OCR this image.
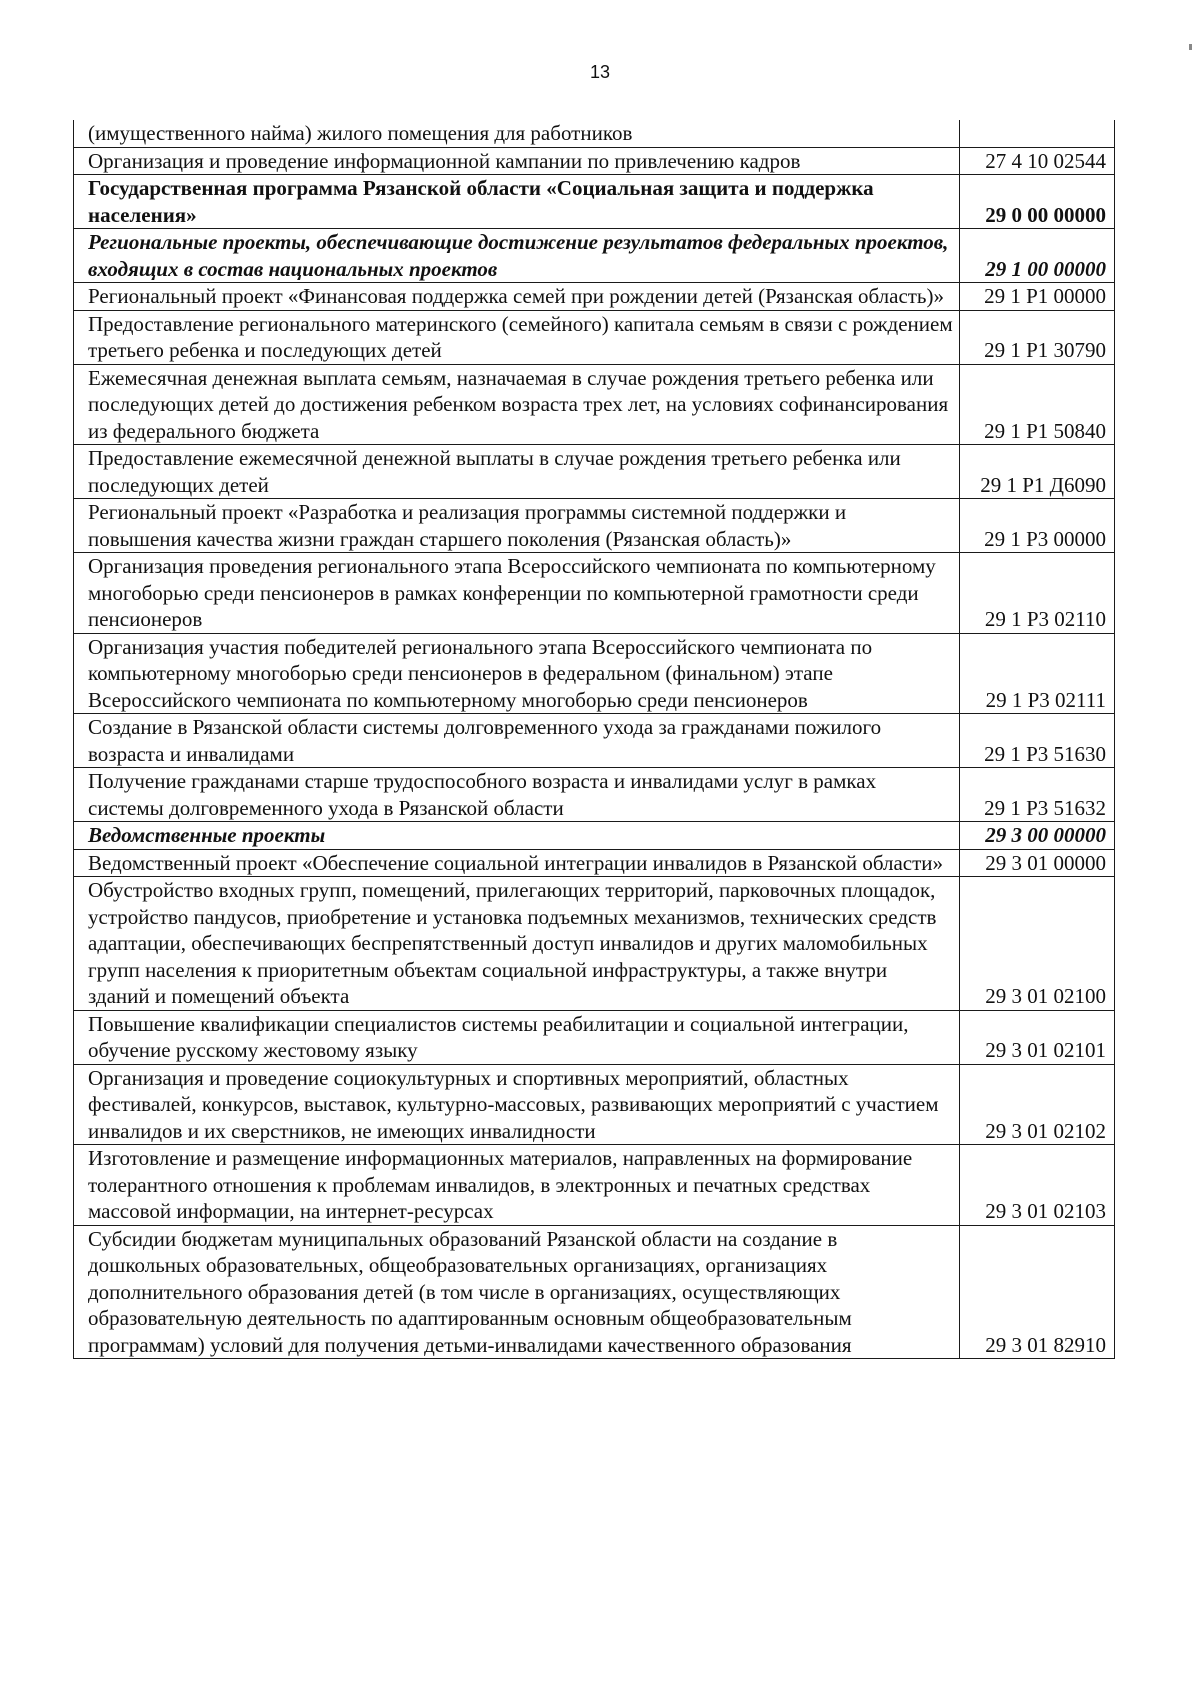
13
(имущественного найма) жилого помещения для работников	
Организация и проведение информационной кампании по привлечению кадров	27 4 10 02544
Государственная программа Рязанской области «Социальная защита и поддержка населения»	29 0 00 00000
Региональные проекты, обеспечивающие достижение результатов федеральных проектов, входящих в состав национальных проектов	29 1 00 00000
Региональный проект «Финансовая поддержка семей при рождении детей (Рязанская область)»	29 1 Р1 00000
Предоставление регионального материнского (семейного) капитала семьям в связи с рождением третьего ребенка и последующих детей	29 1 Р1 30790
Ежемесячная денежная выплата семьям, назначаемая в случае рождения третьего ребенка или последующих детей до достижения ребенком возраста трех лет, на условиях софинансирования из федерального бюджета	29 1 Р1 50840
Предоставление ежемесячной денежной выплаты в случае рождения третьего ребенка или последующих детей	29 1 Р1 Д6090
Региональный проект «Разработка и реализация программы системной поддержки и повышения качества жизни граждан старшего поколения (Рязанская область)»	29 1 Р3 00000
Организация проведения регионального этапа Всероссийского чемпионата по компьютерному многоборью среди пенсионеров в рамках конференции по компьютерной грамотности среди пенсионеров	29 1 Р3 02110
Организация участия победителей регионального этапа Всероссийского чемпионата по компьютерному многоборью среди пенсионеров в федеральном (финальном) этапе Всероссийского чемпионата по компьютерному многоборью среди пенсионеров	29 1 Р3 02111
Создание в Рязанской области системы долговременного ухода за гражданами пожилого возраста и инвалидами	29 1 Р3 51630
Получение гражданами старше трудоспособного возраста и инвалидами услуг в рамках системы долговременного ухода в Рязанской области	29 1 Р3 51632
Ведомственные проекты	29 3 00 00000
Ведомственный проект «Обеспечение социальной интеграции инвалидов в Рязанской области»	29 3 01 00000
Обустройство входных групп, помещений, прилегающих территорий, парковочных площадок, устройство пандусов, приобретение и установка подъемных механизмов, технических средств адаптации, обеспечивающих беспрепятственный доступ инвалидов и других маломобильных групп населения к приоритетным объектам социальной инфраструктуры, а также внутри зданий и помещений объекта	29 3 01 02100
Повышение квалификации специалистов системы реабилитации и социальной интеграции, обучение русскому жестовому языку	29 3 01 02101
Организация и проведение социокультурных и спортивных мероприятий, областных фестивалей, конкурсов, выставок, культурно-массовых, развивающих мероприятий с участием инвалидов и их сверстников, не имеющих инвалидности	29 3 01 02102
Изготовление и размещение информационных материалов, направленных на формирование толерантного отношения к проблемам инвалидов, в электронных и печатных средствах массовой информации, на интернет-ресурсах	29 3 01 02103
Субсидии бюджетам муниципальных образований Рязанской области на создание в дошкольных образовательных, общеобразовательных организациях, организациях дополнительного образования детей (в том числе в организациях, осуществляющих образовательную деятельность по адаптированным основным общеобразовательным программам) условий для получения детьми-инвалидами качественного образования	29 3 01 82910
